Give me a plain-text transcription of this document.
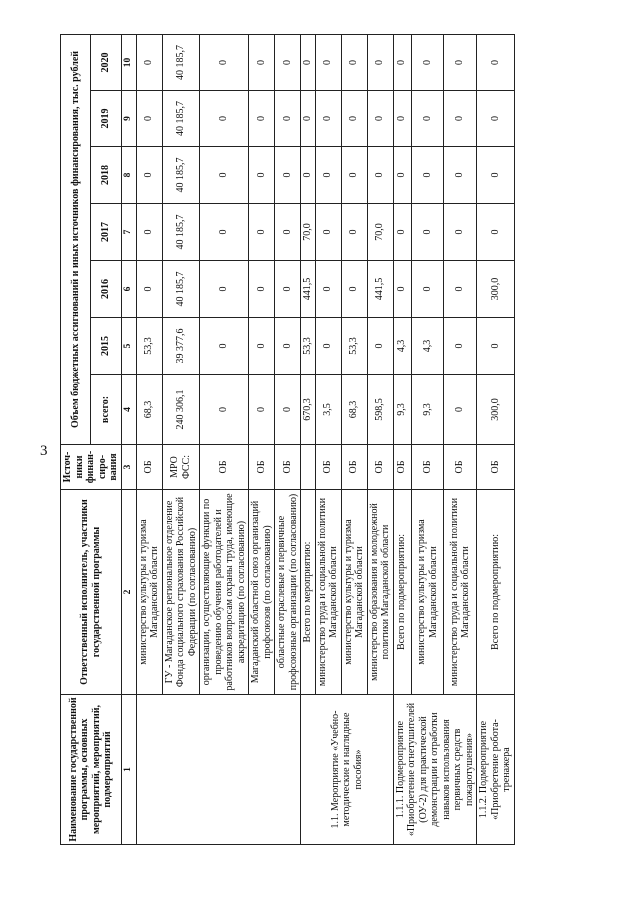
3
Наименование государственной программы, основных мероприятий, мероприятий, подмероприятий	Ответственный исполнитель, участники государственной программы	Источ-ники финан-сиро-вания	Объем бюджетных ассигнований и иных источников финансирования, тыс. рублей						
			всего:	2015	2016	2017	2018	2019	2020
1	2	3	4	5	6	7	8	9	10
	министерство культуры и туризма Магаданской области	ОБ	68,3	53,3	0	0	0	0	0
	ГУ - Магаданское региональное отделение Фонда социального страхования Российской Федерации (по согласованию)	МРО ФСС:	240 306,1	39 377,6	40 185,7	40 185,7	40 185,7	40 185,7	40 185,7
	организации, осуществляющие функции по проведению обучения работодателей и работников вопросам охраны труда, имеющие аккредитацию (по согласованию)	ОБ	0	0	0	0	0	0	0
	Магаданский областной союз организаций профсоюзов (по согласованию)	ОБ	0	0	0	0	0	0	0
	областные отраслевые и первичные профсоюзные организации (по согласованию)	ОБ	0	0	0	0	0	0	0
1.1. Мероприятие «Учебно-методические и наглядные пособия»	Всего по мероприятию:		670,3	53,3	441,5	70,0	0	0	0
	министерство труда и социальной политики Магаданской области	ОБ	3,5	0	0	0	0	0	0
	министерство культуры и туризма Магаданской области	ОБ	68,3	53,3	0	0	0	0	0
	министерство образования и молодежной политики Магаданской области	ОБ	598,5	0	441,5	70,0	0	0	0
1.1.1. Подмероприятие «Приобретение огнетушителей (ОУ-2) для практической демонстрации и отработки навыков использования первичных средств пожаротушения»	Всего по подмероприятию:	ОБ	9,3	4,3	0	0	0	0	0
	министерство культуры и туризма Магаданской области	ОБ	9,3	4,3	0	0	0	0	0
	министерство труда и социальной политики Магаданской области	ОБ	0	0	0	0	0	0	0
1.1.2. Подмероприятие «Приобретение робота-тренажера	Всего по подмероприятию:	ОБ	300,0	0	300,0	0	0	0	0
